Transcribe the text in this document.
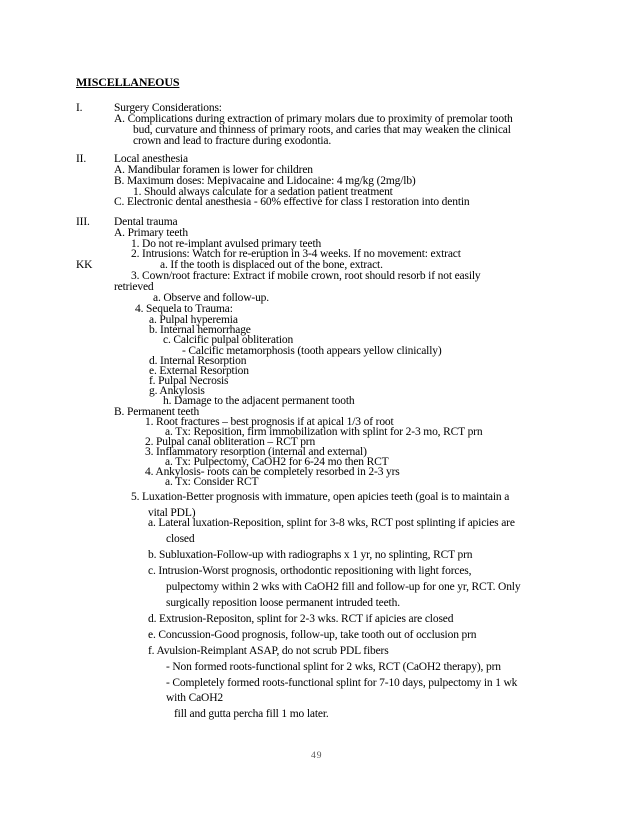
MISCELLANEOUS
I.	Surgery Considerations:
A. Complications during extraction of primary molars due to proximity of premolar tooth
bud, curvature and thinness of primary roots, and caries that may weaken the clinical
crown and lead to fracture during exodontia.
II. Local anesthesia
A. Mandibular foramen is lower for children
B. Maximum doses: Mepivacaine and Lidocaine: 4 mg/kg (2mg/lb)
1. Should always calculate for a sedation patient treatment
C. Electronic dental anesthesia - 60% effective for class I restoration into dentin
III. Dental trauma
A. Primary teeth
1. Do not re-implant avulsed primary teeth
2. Intrusions: Watch for re-eruption in 3-4 weeks. If no movement: extract
KK	a. If the tooth is displaced out of the bone, extract.
3. Cown/root fracture: Extract if mobile crown, root should resorb if not easily
retrieved
a. Observe and follow-up.
4. Sequela to Trauma:
a. Pulpal hyperemia
b. Internal hemorrhage
c. Calcific pulpal obliteration
- Calcific metamorphosis (tooth appears yellow clinically)
d. Internal Resorption
e. External Resorption
f. Pulpal Necrosis
g. Ankylosis
h. Damage to the adjacent permanent tooth
B. Permanent teeth
1. Root fractures – best prognosis if at apical 1/3 of root
a. Tx: Reposition, firm immobilization with splint for 2-3 mo, RCT prn
2. Pulpal canal obliteration – RCT prn
3. Inflammatory resorption (internal and external)
a. Tx: Pulpectomy, CaOH2 for 6-24 mo then RCT
4. Ankylosis- roots can be completely resorbed in 2-3 yrs
a. Tx: Consider RCT
5. Luxation-Better prognosis with immature, open apicies teeth (goal is to maintain a
vital PDL)
a. Lateral luxation-Reposition, splint for 3-8 wks, RCT post splinting if apicies are
closed
b. Subluxation-Follow-up with radiographs x 1 yr, no splinting, RCT prn
c. Intrusion-Worst prognosis, orthodontic repositioning with light forces,
pulpectomy within 2 wks with CaOH2 fill and follow-up for one yr, RCT. Only
surgically reposition loose permanent intruded teeth.
d. Extrusion-Repositon, splint for 2-3 wks. RCT if apicies are closed
e. Concussion-Good prognosis, follow-up, take tooth out of occlusion prn
f. Avulsion-Reimplant ASAP, do not scrub PDL fibers
- Non formed roots-functional splint for 2 wks, RCT (CaOH2 therapy), prn
- Completely formed roots-functional splint for 7-10 days, pulpectomy in 1 wk
with CaOH2
fill and gutta percha fill 1 mo later.
49
